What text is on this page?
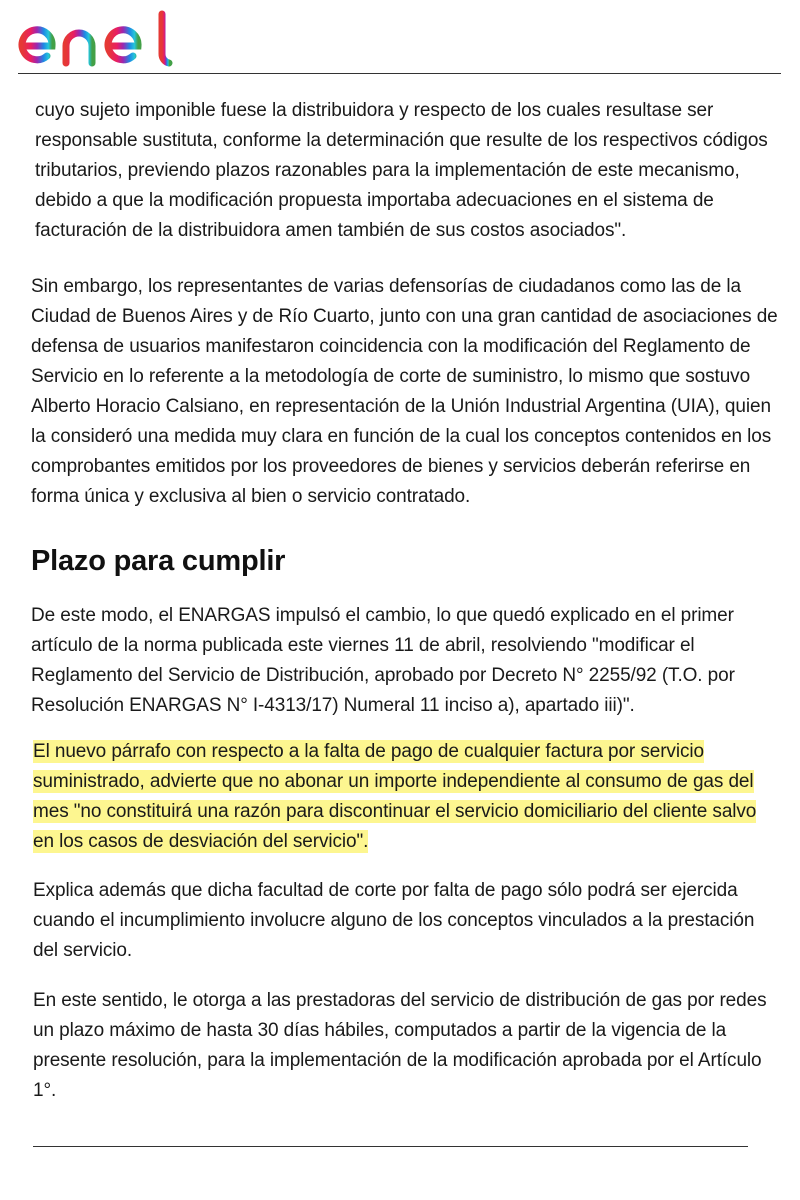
cuyo sujeto imponible fuese la distribuidora y respecto de los cuales resultase ser responsable sustituta, conforme la determinación que resulte de los respectivos códigos tributarios, previendo plazos razonables para la implementación de este mecanismo, debido a que la modificación propuesta importaba adecuaciones en el sistema de facturación de la distribuidora amen también de sus costos asociados".

Sin embargo, los representantes de varias defensorías de ciudadanos como las de la Ciudad de Buenos Aires y de Río Cuarto, junto con una gran cantidad de asociaciones de defensa de usuarios manifestaron coincidencia con la modificación del Reglamento de Servicio en lo referente a la metodología de corte de suministro, lo mismo que sostuvo Alberto Horacio Calsiano, en representación de la Unión Industrial Argentina (UIA), quien la consideró una medida muy clara en función de la cual los conceptos contenidos en los comprobantes emitidos por los proveedores de bienes y servicios deberán referirse en forma única y exclusiva al bien o servicio contratado.

Plazo para cumplir

De este modo, el ENARGAS impulsó el cambio, lo que quedó explicado en el primer artículo de la norma publicada este viernes 11 de abril, resolviendo "modificar el Reglamento del Servicio de Distribución, aprobado por Decreto N° 2255/92 (T.O. por Resolución ENARGAS N° I-4313/17) Numeral 11 inciso a), apartado iii)".

El nuevo párrafo con respecto a la falta de pago de cualquier factura por servicio suministrado, advierte que no abonar un importe independiente al consumo de gas del mes "no constituirá una razón para discontinuar el servicio domiciliario del cliente salvo en los casos de desviación del servicio".

Explica además que dicha facultad de corte por falta de pago sólo podrá ser ejercida cuando el incumplimiento involucre alguno de los conceptos vinculados a la prestación del servicio.

En este sentido, le otorga a las prestadoras del servicio de distribución de gas por redes un plazo máximo de hasta 30 días hábiles, computados a partir de la vigencia de la presente resolución, para la implementación de la modificación aprobada por el Artículo 1°.
